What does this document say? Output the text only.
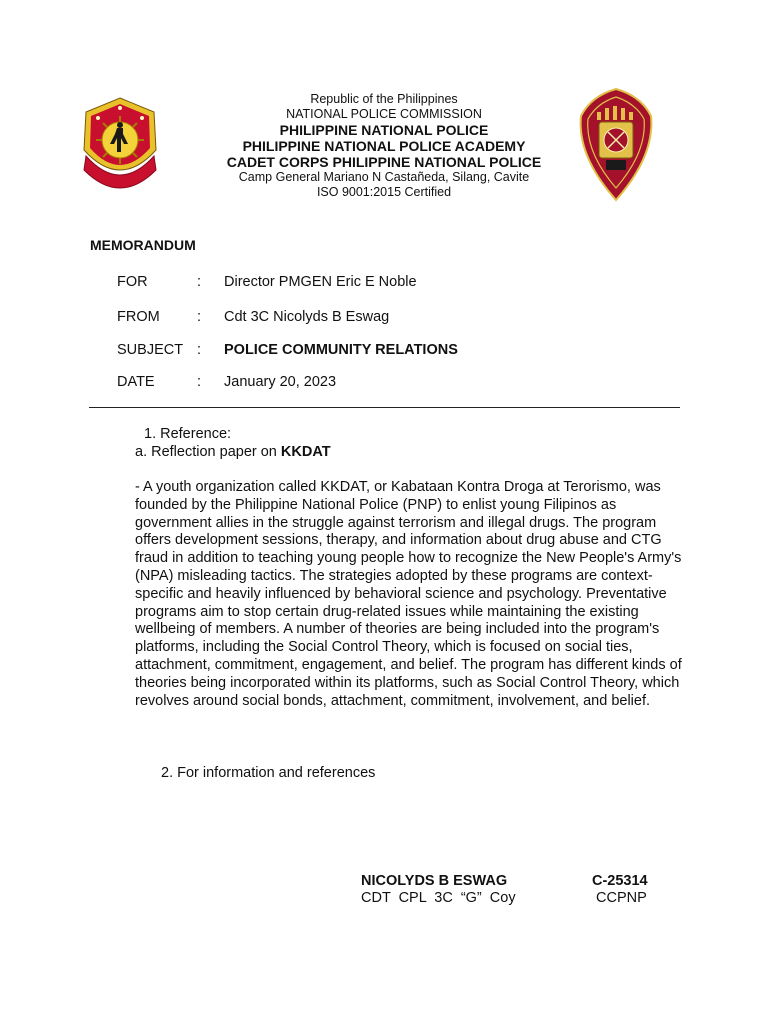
Republic of the Philippines
NATIONAL POLICE COMMISSION
PHILIPPINE NATIONAL POLICE
PHILIPPINE NATIONAL POLICE ACADEMY
CADET CORPS PHILIPPINE NATIONAL POLICE
Camp General Mariano N Castañeda, Silang, Cavite
ISO 9001:2015 Certified
MEMORANDUM
FOR	: Director PMGEN Eric E Noble
FROM	: Cdt 3C Nicolyds B Eswag
SUBJECT : POLICE COMMUNITY RELATIONS
DATE	: January 20, 2023
1. Reference:
a. Reflection paper on KKDAT
- A youth organization called KKDAT, or Kabataan Kontra Droga at Terorismo, was founded by the Philippine National Police (PNP) to enlist young Filipinos as government allies in the struggle against terrorism and illegal drugs. The program offers development sessions, therapy, and information about drug abuse and CTG fraud in addition to teaching young people how to recognize the New People's Army's (NPA) misleading tactics. The strategies adopted by these programs are context-specific and heavily influenced by behavioral science and psychology. Preventative programs aim to stop certain drug-related issues while maintaining the existing wellbeing of members. A number of theories are being included into the program's platforms, including the Social Control Theory, which is focused on social ties, attachment, commitment, engagement, and belief. The program has different kinds of theories being incorporated within its platforms, such as Social Control Theory, which revolves around social bonds, attachment, commitment, involvement, and belief.
2. For information and references
NICOLYDS B ESWAG	C-25314
CDT CPL 3C “G” Coy	CCPNP
